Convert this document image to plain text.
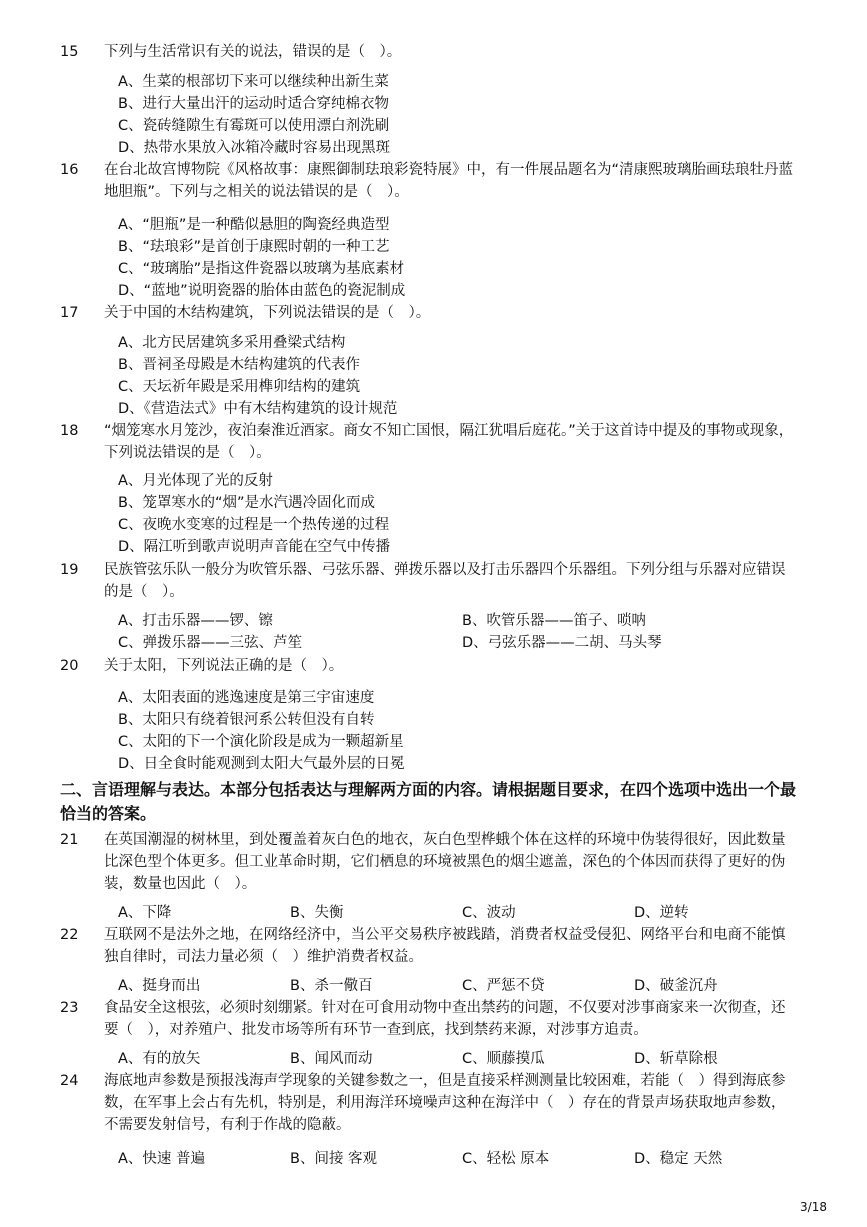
15	下列与生活常识有关的说法，错误的是（　）。
A、生菜的根部切下来可以继续种出新生菜
B、进行大量出汗的运动时适合穿纯棉衣物
C、瓷砖缝隙生有霉斑可以使用漂白剂洗刷
D、热带水果放入冰箱冷藏时容易出现黑斑
16	在台北故宫博物院《风格故事：康熙御制珐琅彩瓷特展》中，有一件展品题名为“清康熙玻璃胎画珐琅牡丹蓝地胆瓶”。下列与之相关的说法错误的是（　）。
A、“胆瓶”是一种酷似悬胆的陶瓷经典造型
B、“珐琅彩”是首创于康熙时朝的一种工艺
C、“玻璃胎”是指这件瓷器以玻璃为基底素材
D、“蓝地”说明瓷器的胎体由蓝色的瓷泥制成
17	关于中国的木结构建筑，下列说法错误的是（　）。
A、北方民居建筑多采用叠梁式结构
B、晋祠圣母殿是木结构建筑的代表作
C、天坛祈年殿是采用榫卯结构的建筑
D、《营造法式》中有木结构建筑的设计规范
18	“烟笼寒水月笼沙，夜泊秦淮近酒家。商女不知亡国恨，隔江犹唱后庭花。”关于这首诗中提及的事物或现象，下列说法错误的是（　）。
A、月光体现了光的反射
B、笼罩寒水的“烟”是水汽遇冷固化而成
C、夜晚水变寒的过程是一个热传递的过程
D、隔江听到歌声说明声音能在空气中传播
19	民族管弦乐队一般分为吹管乐器、弓弦乐器、弹拨乐器以及打击乐器四个乐器组。下列分组与乐器对应错误的是（　）。
A、打击乐器——锣、镲	B、吹管乐器——笛子、唢呐
C、弹拨乐器——三弦、芦笙	D、弓弦乐器——二胡、马头琴
20	关于太阳，下列说法正确的是（　）。
A、太阳表面的逃逸速度是第三宇宙速度
B、太阳只有绕着银河系公转但没有自转
C、太阳的下一个演化阶段是成为一颗超新星
D、日全食时能观测到太阳大气最外层的日冕
二、言语理解与表达。本部分包括表达与理解两方面的内容。请根据题目要求，在四个选项中选出一个最恰当的答案。
21	在英国潮湿的树林里，到处覆盖着灰白色的地衣，灰白色型桦蛾个体在这样的环境中伪装得很好，因此数量比深色型个体更多。但工业革命时期，它们栖息的环境被黑色的烟尘遮盖，深色的个体因而获得了更好的伪装，数量也因此（　）。
A、下降	B、失衡	C、波动	D、逆转
22	互联网不是法外之地，在网络经济中，当公平交易秩序被践踏，消费者权益受侵犯、网络平台和电商不能慎独自律时，司法力量必须（　）维护消费者权益。
A、挺身而出	B、杀一儆百	C、严惩不贷	D、破釜沉舟
23	食品安全这根弦，必须时刻绷紧。针对在可食用动物中查出禁药的问题，不仅要对涉事商家来一次彻查，还要（　），对养殖户、批发市场等所有环节一查到底，找到禁药来源，对涉事方追责。
A、有的放矢	B、闻风而动	C、顺藤摸瓜	D、斩草除根
24	海底地声参数是预报浅海声学现象的关键参数之一，但是直接采样测测量比较困难，若能（　）得到海底参数，在军事上会占有先机，特别是，利用海洋环境噪声这种在海洋中（　）存在的背景声场获取地声参数，不需要发射信号，有利于作战的隐蔽。
A、快速 普遍	B、间接 客观	C、轻松 原本	D、稳定 天然
3/18
